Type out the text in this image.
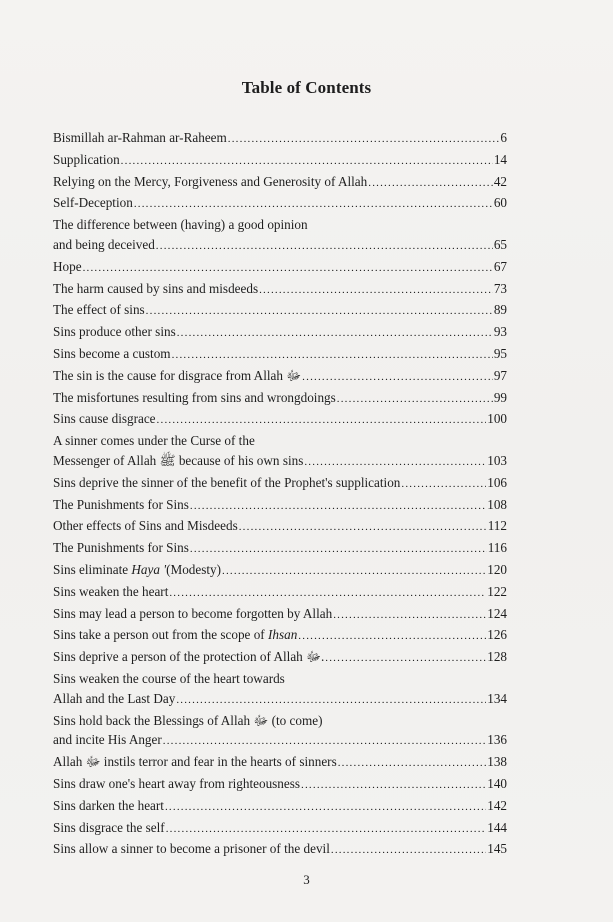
Table of Contents
Bismillah ar-Rahman ar-Raheem .....	6
Supplication .....	14
Relying on the Mercy, Forgiveness and Generosity of Allah .....	42
Self-Deception .....	60
The difference between (having) a good opinion
and being deceived .....	65
Hope .....	67
The harm caused by sins and misdeeds .....	73
The effect of sins .....	89
Sins produce other sins .....	93
Sins become a custom .....	95
The sin is the cause for disgrace from Allah ﷻ .....	97
The misfortunes resulting from sins and wrongdoings .....	99
Sins cause disgrace .....	100
A sinner comes under the Curse of the
Messenger of Allah ﷺ because of his own sins .....	103
Sins deprive the sinner of the benefit of the Prophet's supplication .....	106
The Punishments for Sins .....	108
Other effects of Sins and Misdeeds .....	112
The Punishments for Sins .....	116
Sins eliminate Haya '(Modesty) .....	120
Sins weaken the heart .....	122
Sins may lead a person to become forgotten by Allah .....	124
Sins take a person out from the scope of Ihsan .....	126
Sins deprive a person of the protection of Allah ﷻ. .....	128
Sins weaken the course of the heart towards
Allah and the Last Day .....	134
Sins hold back the Blessings of Allah ﷻ (to come)
and incite His Anger .....	136
Allah ﷻ instils terror and fear in the hearts of sinners .....	138
Sins draw one's heart away from righteousness .....	140
Sins darken the heart .....	142
Sins disgrace the self .....	144
Sins allow a sinner to become a prisoner of the devil .....	145
3
